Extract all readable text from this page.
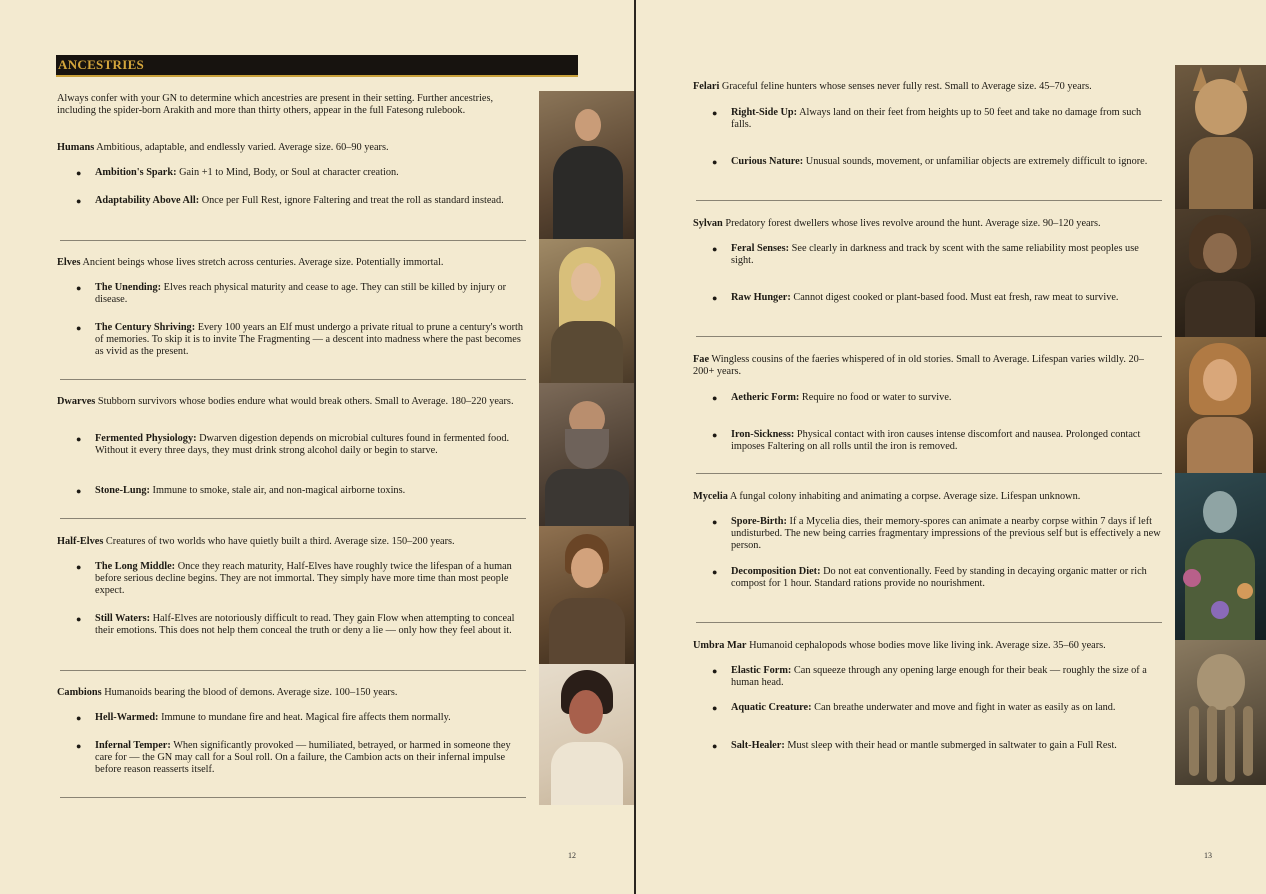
ANCESTRIES
Always confer with your GN to determine which ancestries are present in their setting. Further ancestries, including the spider-born Arakith and more than thirty others, appear in the full Fatesong rulebook.
Humans Ambitious, adaptable, and endlessly varied. Average size. 60–90 years.
● Ambition's Spark: Gain +1 to Mind, Body, or Soul at character creation.
● Adaptability Above All: Once per Full Rest, ignore Faltering and treat the roll as standard instead.
Elves Ancient beings whose lives stretch across centuries. Average size. Potentially immortal.
● The Unending: Elves reach physical maturity and cease to age. They can still be killed by injury or disease.
● The Century Shriving: Every 100 years an Elf must undergo a private ritual to prune a century's worth of memories. To skip it is to invite The Fragmenting — a descent into madness where the past becomes as vivid as the present.
Dwarves Stubborn survivors whose bodies endure what would break others. Small to Average. 180–220 years.
● Fermented Physiology: Dwarven digestion depends on microbial cultures found in fermented food. Without it every three days, they must drink strong alcohol daily or begin to starve.
● Stone-Lung: Immune to smoke, stale air, and non-magical airborne toxins.
Half-Elves Creatures of two worlds who have quietly built a third. Average size. 150–200 years.
● The Long Middle: Once they reach maturity, Half-Elves have roughly twice the lifespan of a human before serious decline begins. They are not immortal. They simply have more time than most people expect.
● Still Waters: Half-Elves are notoriously difficult to read. They gain Flow when attempting to conceal their emotions. This does not help them conceal the truth or deny a lie — only how they feel about it.
Cambions Humanoids bearing the blood of demons. Average size. 100–150 years.
● Hell-Warmed: Immune to mundane fire and heat. Magical fire affects them normally.
● Infernal Temper: When significantly provoked — humiliated, betrayed, or harmed in someone they care for — the GN may call for a Soul roll. On a failure, the Cambion acts on their infernal impulse before reason reasserts itself.
12
Felari Graceful feline hunters whose senses never fully rest. Small to Average size. 45–70 years.
● Right-Side Up: Always land on their feet from heights up to 50 feet and take no damage from such falls.
● Curious Nature: Unusual sounds, movement, or unfamiliar objects are extremely difficult to ignore.
Sylvan Predatory forest dwellers whose lives revolve around the hunt. Average size. 90–120 years.
● Feral Senses: See clearly in darkness and track by scent with the same reliability most peoples use sight.
● Raw Hunger: Cannot digest cooked or plant-based food. Must eat fresh, raw meat to survive.
Fae Wingless cousins of the faeries whispered of in old stories. Small to Average. Lifespan varies wildly. 20–200+ years.
● Aetheric Form: Require no food or water to survive.
● Iron-Sickness: Physical contact with iron causes intense discomfort and nausea. Prolonged contact imposes Faltering on all rolls until the iron is removed.
Mycelia A fungal colony inhabiting and animating a corpse. Average size. Lifespan unknown.
● Spore-Birth: If a Mycelia dies, their memory-spores can animate a nearby corpse within 7 days if left undisturbed. The new being carries fragmentary impressions of the previous self but is effectively a new person.
● Decomposition Diet: Do not eat conventionally. Feed by standing in decaying organic matter or rich compost for 1 hour. Standard rations provide no nourishment.
Umbra Mar Humanoid cephalopods whose bodies move like living ink. Average size. 35–60 years.
● Elastic Form: Can squeeze through any opening large enough for their beak — roughly the size of a human head.
● Aquatic Creature: Can breathe underwater and move and fight in water as easily as on land.
● Salt-Healer: Must sleep with their head or mantle submerged in saltwater to gain a Full Rest.
13
